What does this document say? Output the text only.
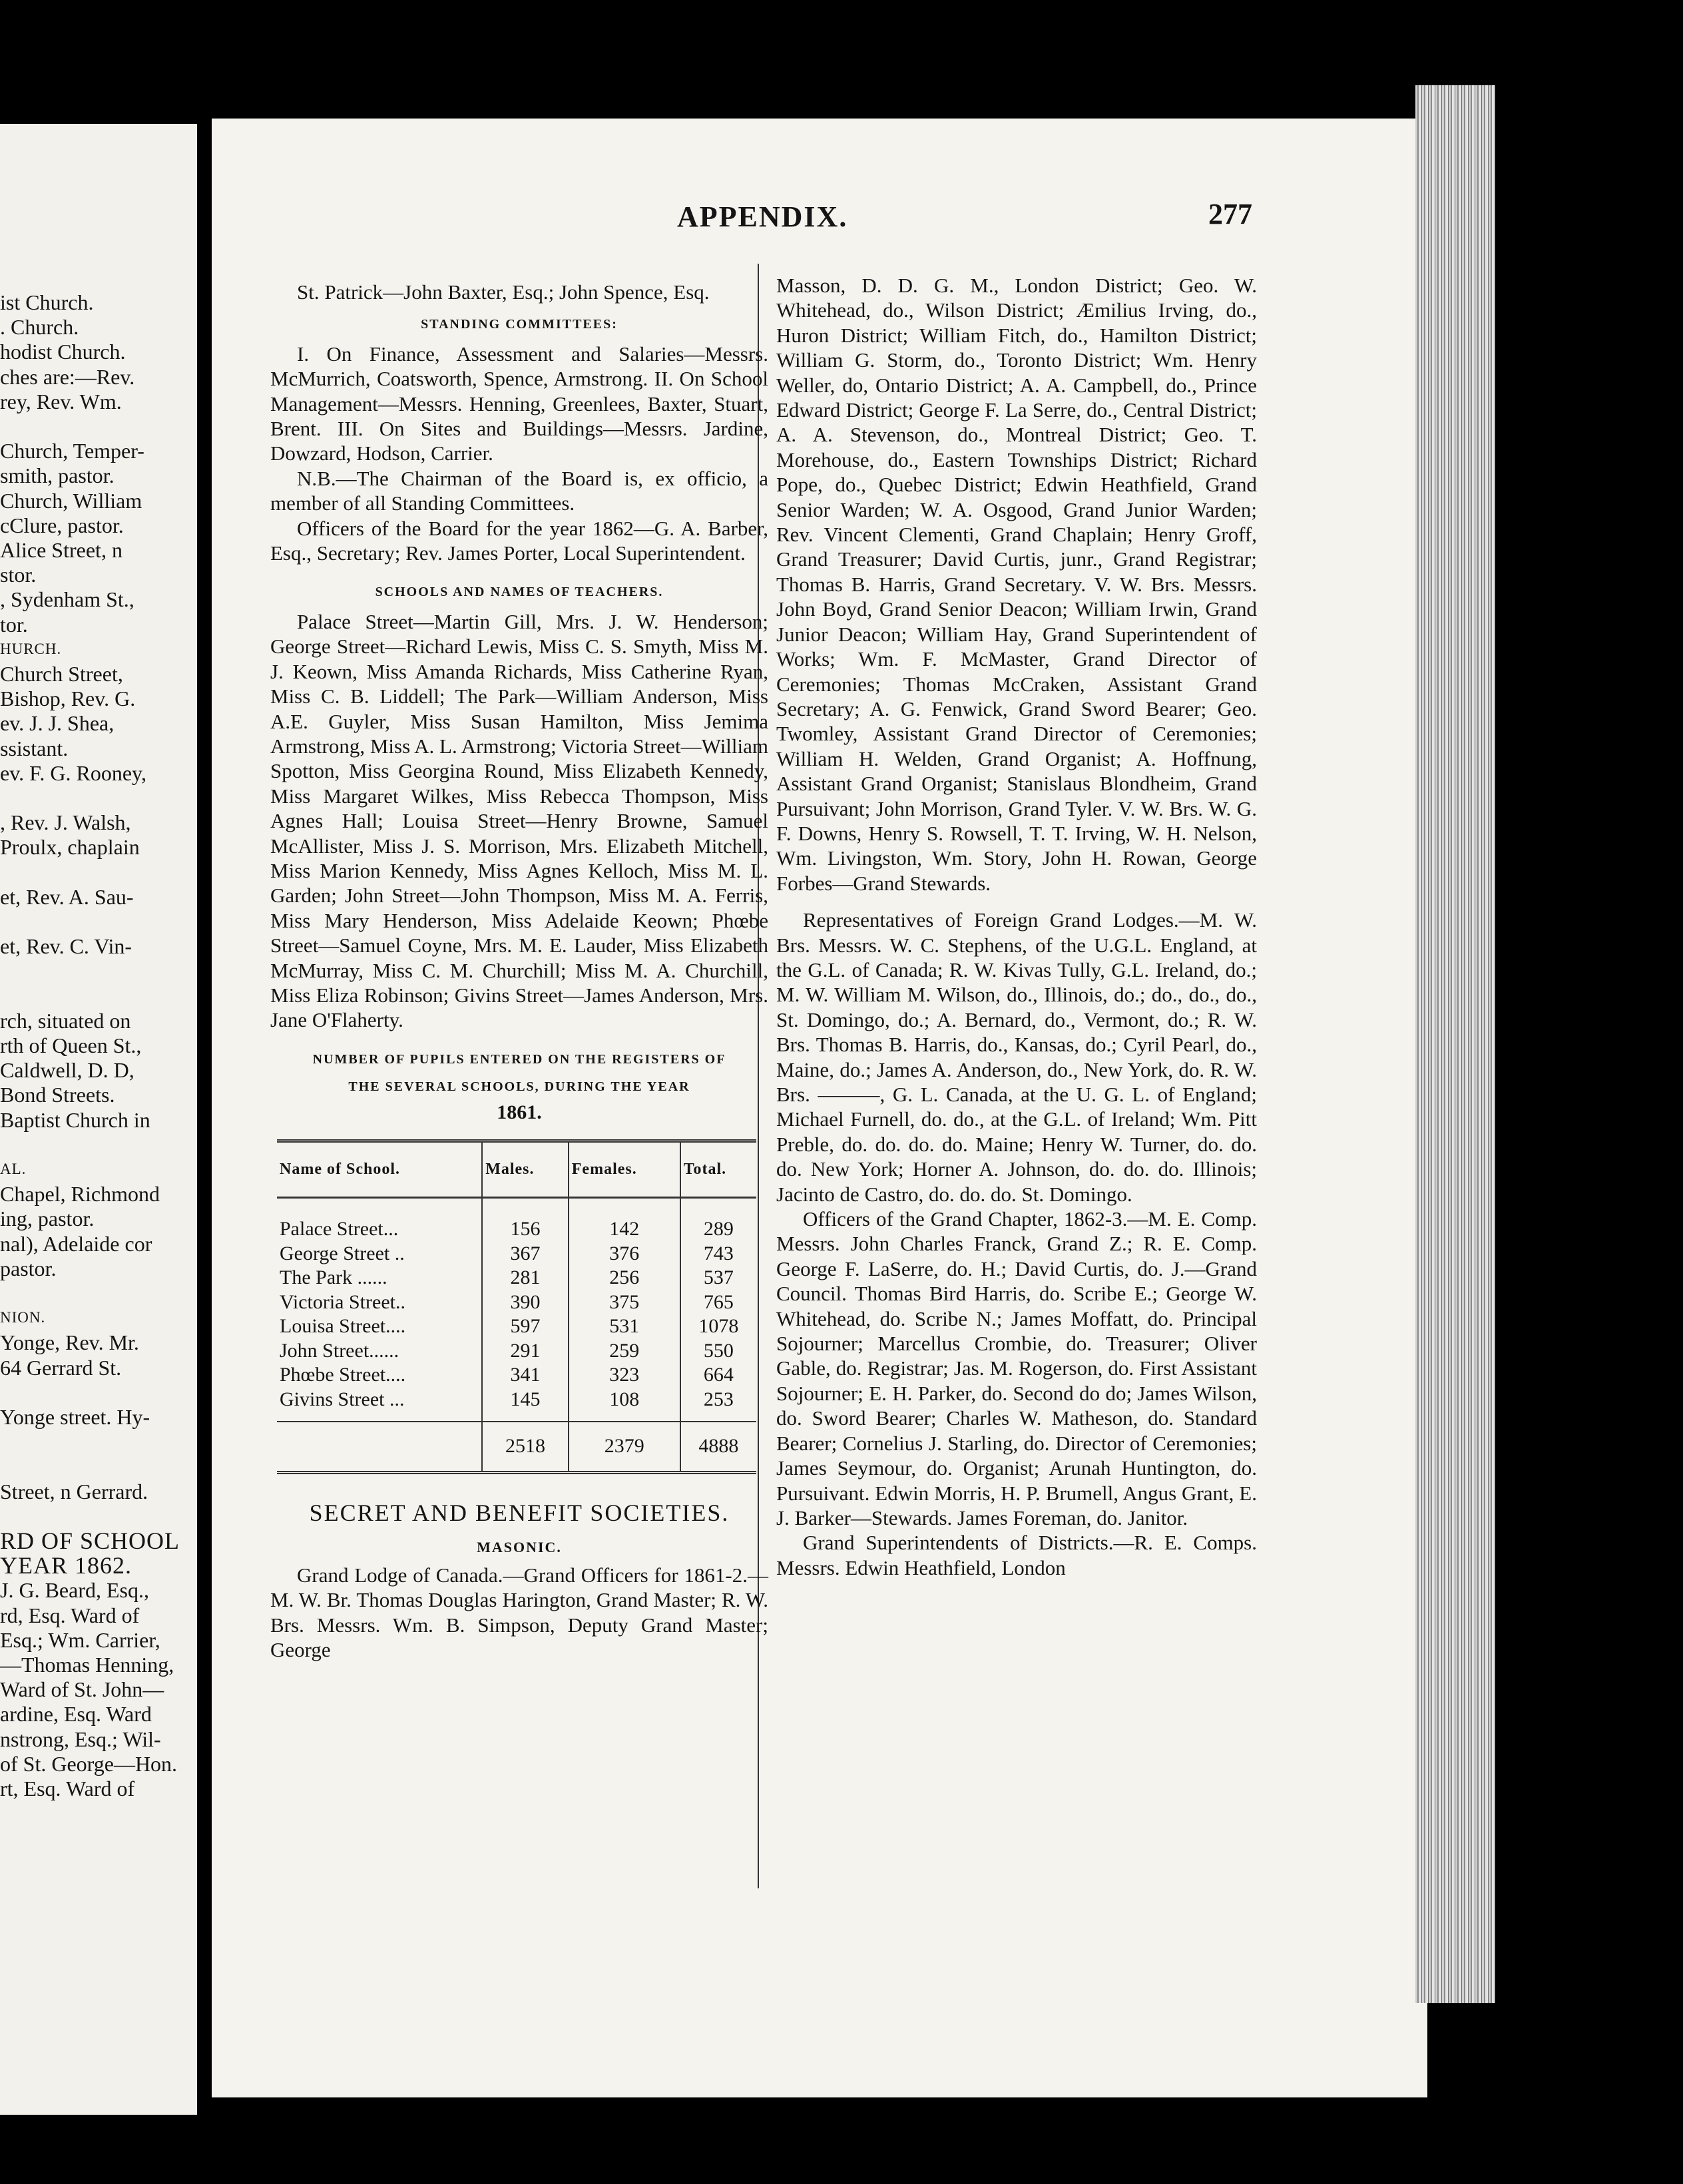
ist Church.
. Church.
hodist Church.
ches are:—Rev.
rey, Rev. Wm.
Church, Temper-
smith, pastor.
Church, William
cClure, pastor.
Alice Street, n
stor.
, Sydenham St.,
tor.
HURCH.
Church Street,
Bishop, Rev. G.
ev. J. J. Shea,
ssistant.
ev. F. G. Rooney,
, Rev. J. Walsh,
Proulx, chaplain
et, Rev. A. Sau-
et, Rev. C. Vin-
rch, situated on
rth of Queen St.,
Caldwell, D. D,
Bond Streets.
Baptist Church in
AL.
Chapel, Richmond
ing, pastor.
nal), Adelaide cor
pastor.
NION.
Yonge, Rev. Mr.
64 Gerrard St.
Yonge street. Hy-
Street, n Gerrard.
RD OF SCHOOL
YEAR 1862.
J. G. Beard, Esq.,
rd, Esq. Ward of
Esq.; Wm. Carrier,
—Thomas Henning,
Ward of St. John—
ardine, Esq. Ward
nstrong, Esq.; Wil-
of St. George—Hon.
rt, Esq. Ward of
APPENDIX.	277

St. Patrick—John Baxter, Esq.; John Spence, Esq.

STANDING COMMITTEES:

I. On Finance, Assessment and Salaries—Messrs. McMurrich, Coatsworth, Spence, Armstrong. II. On School Management—Messrs. Henning, Greenlees, Baxter, Stuart, Brent. III. On Sites and Buildings—Messrs. Jardine, Dowzard, Hodson, Carrier.

N.B.—The Chairman of the Board is, ex officio, a member of all Standing Committees.

Officers of the Board for the year 1862—G. A. Barber, Esq., Secretary; Rev. James Porter, Local Superintendent.

SCHOOLS AND NAMES OF TEACHERS.

Palace Street—Martin Gill, Mrs. J. W. Henderson; George Street—Richard Lewis, Miss C. S. Smyth, Miss M. J. Keown, Miss Amanda Richards, Miss Catherine Ryan, Miss C. B. Liddell; The Park—William Anderson, Miss A.E. Guyler, Miss Susan Hamilton, Miss Jemima Armstrong, Miss A. L. Armstrong; Victoria Street—William Spotton, Miss Georgina Round, Miss Elizabeth Kennedy, Miss Margaret Wilkes, Miss Rebecca Thompson, Miss Agnes Hall; Louisa Street—Henry Browne, Samuel McAllister, Miss J. S. Morrison, Mrs. Elizabeth Mitchell, Miss Marion Kennedy, Miss Agnes Kelloch, Miss M. L. Garden; John Street—John Thompson, Miss M. A. Ferris, Miss Mary Henderson, Miss Adelaide Keown; Phœbe Street—Samuel Coyne, Mrs. M. E. Lauder, Miss Elizabeth McMurray, Miss C. M. Churchill; Miss M. A. Churchill, Miss Eliza Robinson; Givins Street—James Anderson, Mrs. Jane O'Flaherty.

NUMBER OF PUPILS ENTERED ON THE REGISTERS OF

THE SEVERAL SCHOOLS, DURING THE YEAR

1861.

Name of School.	Males.	Females.	Total.
Palace Street...	156	142	289
George Street ..	367	376	743
The Park ......	281	256	537
Victoria Street..	390	375	765
Louisa Street....	597	531	1078
John Street......	291	259	550
Phœbe Street....	341	323	664
Givins Street ...	145	108	253
	2518	2379	4888

SECRET AND BENEFIT SOCIETIES.

MASONIC.

Grand Lodge of Canada.—Grand Officers for 1861-2.—M. W. Br. Thomas Douglas Harington, Grand Master; R. W. Brs. Messrs. Wm. B. Simpson, Deputy Grand Master; George

Masson, D. D. G. M., London District; Geo. W. Whitehead, do., Wilson District; Æmilius Irving, do., Huron District; William Fitch, do., Hamilton District; William G. Storm, do., Toronto District; Wm. Henry Weller, do, Ontario District; A. A. Campbell, do., Prince Edward District; George F. La Serre, do., Central District; A. A. Stevenson, do., Montreal District; Geo. T. Morehouse, do., Eastern Townships District; Richard Pope, do., Quebec District; Edwin Heathfield, Grand Senior Warden; W. A. Osgood, Grand Junior Warden; Rev. Vincent Clementi, Grand Chaplain; Henry Groff, Grand Treasurer; David Curtis, junr., Grand Registrar; Thomas B. Harris, Grand Secretary. V. W. Brs. Messrs. John Boyd, Grand Senior Deacon; William Irwin, Grand Junior Deacon; William Hay, Grand Superintendent of Works; Wm. F. McMaster, Grand Director of Ceremonies; Thomas McCraken, Assistant Grand Secretary; A. G. Fenwick, Grand Sword Bearer; Geo. Twomley, Assistant Grand Director of Ceremonies; William H. Welden, Grand Organist; A. Hoffnung, Assistant Grand Organist; Stanislaus Blondheim, Grand Pursuivant; John Morrison, Grand Tyler. V. W. Brs. W. G. F. Downs, Henry S. Rowsell, T. T. Irving, W. H. Nelson, Wm. Livingston, Wm. Story, John H. Rowan, George Forbes—Grand Stewards.

Representatives of Foreign Grand Lodges.—M. W. Brs. Messrs. W. C. Stephens, of the U.G.L. England, at the G.L. of Canada; R. W. Kivas Tully, G.L. Ireland, do.; M. W. William M. Wilson, do., Illinois, do.; do., do., do., St. Domingo, do.; A. Bernard, do., Vermont, do.; R. W. Brs. Thomas B. Harris, do., Kansas, do.; Cyril Pearl, do., Maine, do.; James A. Anderson, do., New York, do. R. W. Brs. ———, G. L. Canada, at the U. G. L. of England; Michael Furnell, do. do., at the G.L. of Ireland; Wm. Pitt Preble, do. do. do. do. Maine; Henry W. Turner, do. do. do. New York; Horner A. Johnson, do. do. do. Illinois; Jacinto de Castro, do. do. do. St. Domingo.

Officers of the Grand Chapter, 1862-3.—M. E. Comp. Messrs. John Charles Franck, Grand Z.; R. E. Comp. George F. LaSerre, do. H.; David Curtis, do. J.—Grand Council. Thomas Bird Harris, do. Scribe E.; George W. Whitehead, do. Scribe N.; James Moffatt, do. Principal Sojourner; Marcellus Crombie, do. Treasurer; Oliver Gable, do. Registrar; Jas. M. Rogerson, do. First Assistant Sojourner; E. H. Parker, do. Second do do; James Wilson, do. Sword Bearer; Charles W. Matheson, do. Standard Bearer; Cornelius J. Starling, do. Director of Ceremonies; James Seymour, do. Organist; Arunah Huntington, do. Pursuivant. Edwin Morris, H. P. Brumell, Angus Grant, E. J. Barker—Stewards. James Foreman, do. Janitor.

Grand Superintendents of Districts.—R. E. Comps. Messrs. Edwin Heathfield, London
